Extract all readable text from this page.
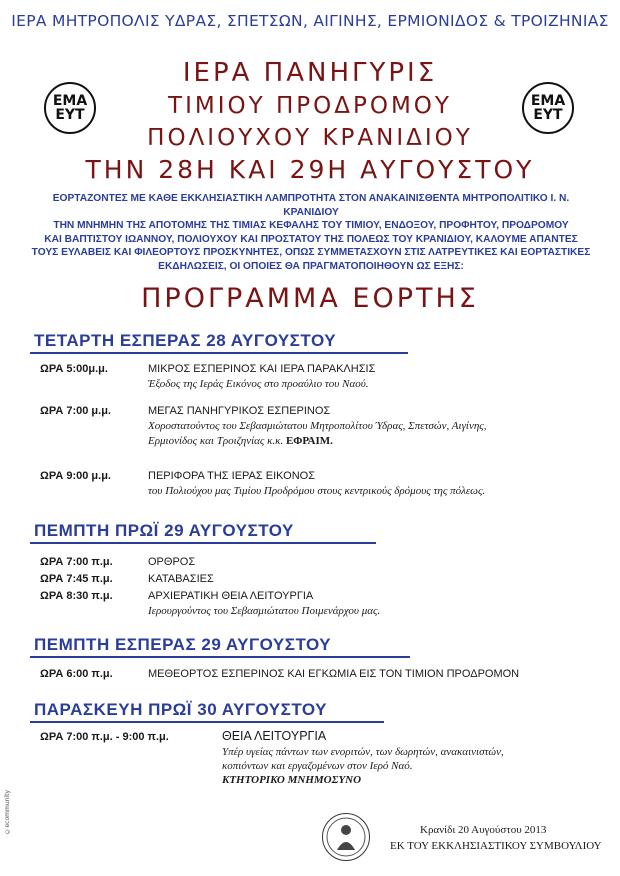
ΙΕΡΑ ΜΗΤΡΟΠΟΛΙΣ ΥΔΡΑΣ, ΣΠΕΤΣΩΝ, ΑΙΓΙΝΗΣ, ΕΡΜΙΟΝΙΔΟΣ & ΤΡΟΙΖΗΝΙΑΣ
ΙΕΡΑ ΠΑΝΗΓΥΡΙΣ
ΤΙΜΙΟΥ ΠΡΟΔΡΟΜΟΥ
ΠΟΛΙΟΥΧΟΥ ΚΡΑΝΙΔΙΟΥ
ΤΗΝ 28Η ΚΑΙ 29Η ΑΥΓΟΥΣΤΟΥ
ΕΜΑ
ΕΥΤ
ΕΜΑ
ΕΥΤ
ΕΟΡΤΑΖΟΝΤΕΣ ΜΕ ΚΑΘΕ ΕΚΚΛΗΣΙΑΣΤΙΚΗ ΛΑΜΠΡΟΤΗΤΑ ΣΤΟΝ ΑΝΑΚΑΙΝΙΣΘΕΝΤΑ ΜΗΤΡΟΠΟΛΙΤΙΚΟ Ι. Ν. ΚΡΑΝΙΔΙΟΥ
ΤΗΝ ΜΝΗΜΗΝ ΤΗΣ ΑΠΟΤΟΜΗΣ ΤΗΣ ΤΙΜΙΑΣ ΚΕΦΑΛΗΣ ΤΟΥ ΤΙΜΙΟΥ, ΕΝΔΟΞΟΥ, ΠΡΟΦΗΤΟΥ, ΠΡΟΔΡΟΜΟΥ
ΚΑΙ ΒΑΠΤΙΣΤΟΥ ΙΩΑΝΝΟΥ, ΠΟΛΙΟΥΧΟΥ ΚΑΙ ΠΡΟΣΤΑΤΟΥ ΤΗΣ ΠΟΛΕΩΣ ΤΟΥ ΚΡΑΝΙΔΙΟΥ, ΚΑΛΟΥΜΕ ΑΠΑΝΤΕΣ
ΤΟΥΣ ΕΥΛΑΒΕΙΣ ΚΑΙ ΦΙΛΕΟΡΤΟΥΣ ΠΡΟΣΚΥΝΗΤΕΣ, ΟΠΩΣ ΣΥΜΜΕΤΑΣΧΟΥΝ ΣΤΙΣ ΛΑΤΡΕΥΤΙΚΕΣ ΚΑΙ ΕΟΡΤΑΣΤΙΚΕΣ
ΕΚΔΗΛΩΣΕΙΣ, ΟΙ ΟΠΟΙΕΣ ΘΑ ΠΡΑΓΜΑΤΟΠΟΙΗΘΟΥΝ ΩΣ ΕΞΗΣ:
ΠΡΟΓΡΑΜΜΑ ΕΟΡΤΗΣ
ΤΕΤΑΡΤΗ ΕΣΠΕΡΑΣ 28 ΑΥΓΟΥΣΤΟΥ
ΩΡΑ 5:00μ.μ.	ΜΙΚΡΟΣ ΕΣΠΕΡΙΝΟΣ ΚΑΙ ΙΕΡΑ ΠΑΡΑΚΛΗΣΙΣ
Έξοδος της Ιεράς Εικόνος στο προαύλιο του Ναού.
ΩΡΑ 7:00 μ.μ.	ΜΕΓΑΣ ΠΑΝΗΓΥΡΙΚΟΣ ΕΣΠΕΡΙΝΟΣ
Χοροστατούντος του Σεβασμιώτατου Μητροπολίτου Ύδρας, Σπετσών, Αιγίνης,
Ερμιονίδος και Τροιζηνίας κ.κ. ΕΦΡΑΙΜ.
ΩΡΑ 9:00 μ.μ.	ΠΕΡΙΦΟΡΑ ΤΗΣ ΙΕΡΑΣ ΕΙΚΟΝΟΣ
του Πολιούχου μας Τιμίου Προδρόμου στους κεντρικούς δρόμους της πόλεως.
ΠΕΜΠΤΗ ΠΡΩΪ 29 ΑΥΓΟΥΣΤΟΥ
ΩΡΑ 7:00 π.μ.	ΟΡΘΡΟΣ
ΩΡΑ 7:45 π.μ.	ΚΑΤΑΒΑΣΙΕΣ
ΩΡΑ 8:30 π.μ.	ΑΡΧΙΕΡΑΤΙΚΗ ΘΕΙΑ ΛΕΙΤΟΥΡΓΙΑ
Ιερουργούντος του Σεβασμιώτατου Ποιμενάρχου μας.
ΠΕΜΠΤΗ ΕΣΠΕΡΑΣ 29 ΑΥΓΟΥΣΤΟΥ
ΩΡΑ 6:00 π.μ.	ΜΕΘΕΟΡΤΟΣ ΕΣΠΕΡΙΝΟΣ ΚΑΙ ΕΓΚΩΜΙΑ ΕΙΣ ΤΟΝ ΤΙΜΙΟΝ ΠΡΟΔΡΟΜΟΝ
ΠΑΡΑΣΚΕΥΗ ΠΡΩΪ 30 ΑΥΓΟΥΣΤΟΥ
ΩΡΑ 7:00 π.μ. - 9:00 π.μ.	ΘΕΙΑ ΛΕΙΤΟΥΡΓΙΑ
Υπέρ υγείας πάντων των ενοριτών, των δωρητών, ανακαινιστών,
κοπιόντων και εργαζομένων στον Ιερό Ναό.
ΚΤΗΤΟΡΙΚΟ ΜΝΗΜΟΣΥΝΟ
©ecommunity	Κρανίδι 20 Αυγούστου 2013
ΕΚ ΤΟΥ ΕΚΚΛΗΣΙΑΣΤΙΚΟΥ ΣΥΜΒΟΥΛΙΟΥ
